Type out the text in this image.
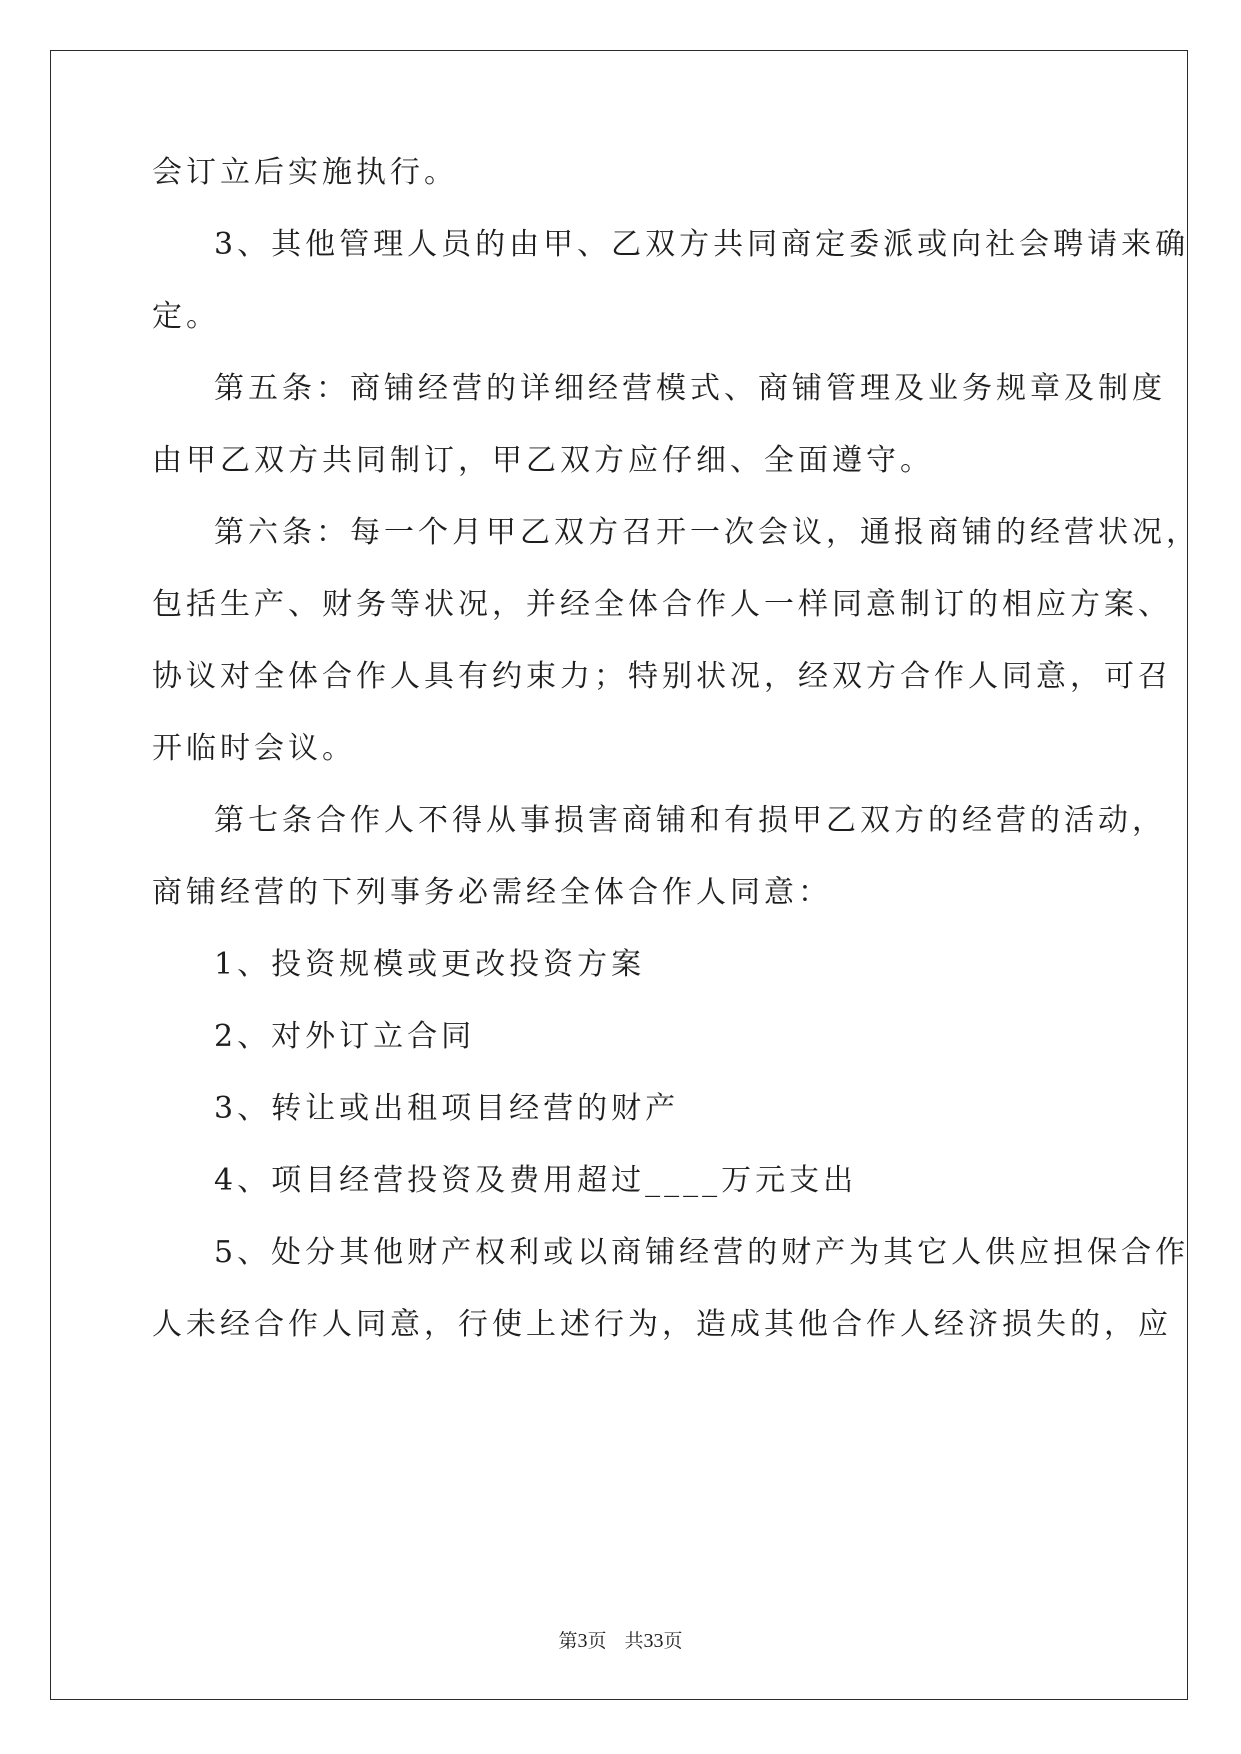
会订立后实施执行。
3、其他管理人员的由甲、乙双方共同商定委派或向社会聘请来确
定。
第五条：商铺经营的详细经营模式、商铺管理及业务规章及制度
由甲乙双方共同制订，甲乙双方应仔细、全面遵守。
第六条：每一个月甲乙双方召开一次会议，通报商铺的经营状况，
包括生产、财务等状况，并经全体合作人一样同意制订的相应方案、
协议对全体合作人具有约束力；特别状况，经双方合作人同意，可召
开临时会议。
第七条合作人不得从事损害商铺和有损甲乙双方的经营的活动，
商铺经营的下列事务必需经全体合作人同意：
1、投资规模或更改投资方案
2、对外订立合同
3、转让或出租项目经营的财产
4、项目经营投资及费用超过____万元支出
5、处分其他财产权利或以商铺经营的财产为其它人供应担保合作
人未经合作人同意，行使上述行为，造成其他合作人经济损失的，应
第3页 共33页
